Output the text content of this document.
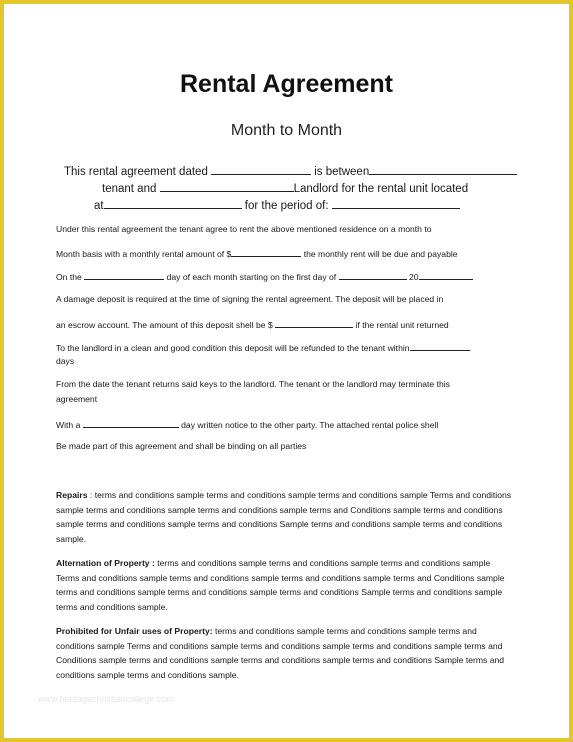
Rental Agreement
Month to Month
This rental agreement dated	is between
tenant and	Landlord for the rental unit located
at	for the period of:
Under this rental agreement the tenant agree to rent the above mentioned residence on a month to
Month basis with a monthly rental amount of $	the monthly rent will be due and payable
On the	day of each month starting on the first day of	20
A damage deposit is required at the time of signing the rental agreement. The deposit will be placed in
an escrow account. The amount of this deposit shell be $	if the rental unit returned
To the landlord in a clean and good condition this deposit will be refunded to the tenant within
days
From the date the tenant returns said keys to the landlord. The tenant or the landlord may terminate this
agreement
With a	day written notice to the other party. The attached rental police shell
Be made part of this agreement and shall be binding on all parties
Repairs : terms and conditions sample terms and conditions sample terms and conditions sample Terms and conditions sample terms and conditions sample terms and conditions sample terms and Conditions sample terms and conditions sample terms and conditions sample terms and conditions Sample terms and conditions sample terms and conditions sample.
Alternation of Property : terms and conditions sample terms and conditions sample terms and conditions sample Terms and conditions sample terms and conditions sample terms and conditions sample terms and Conditions sample terms and conditions sample terms and conditions sample terms and conditions Sample terms and conditions sample terms and conditions sample.
Prohibited for Unfair uses of Property: terms and conditions sample terms and conditions sample terms and conditions sample Terms and conditions sample terms and conditions sample terms and conditions sample terms and Conditions sample terms and conditions sample terms and conditions sample terms and conditions Sample terms and conditions sample terms and conditions sample.
www.heritagechristiancollege.com
